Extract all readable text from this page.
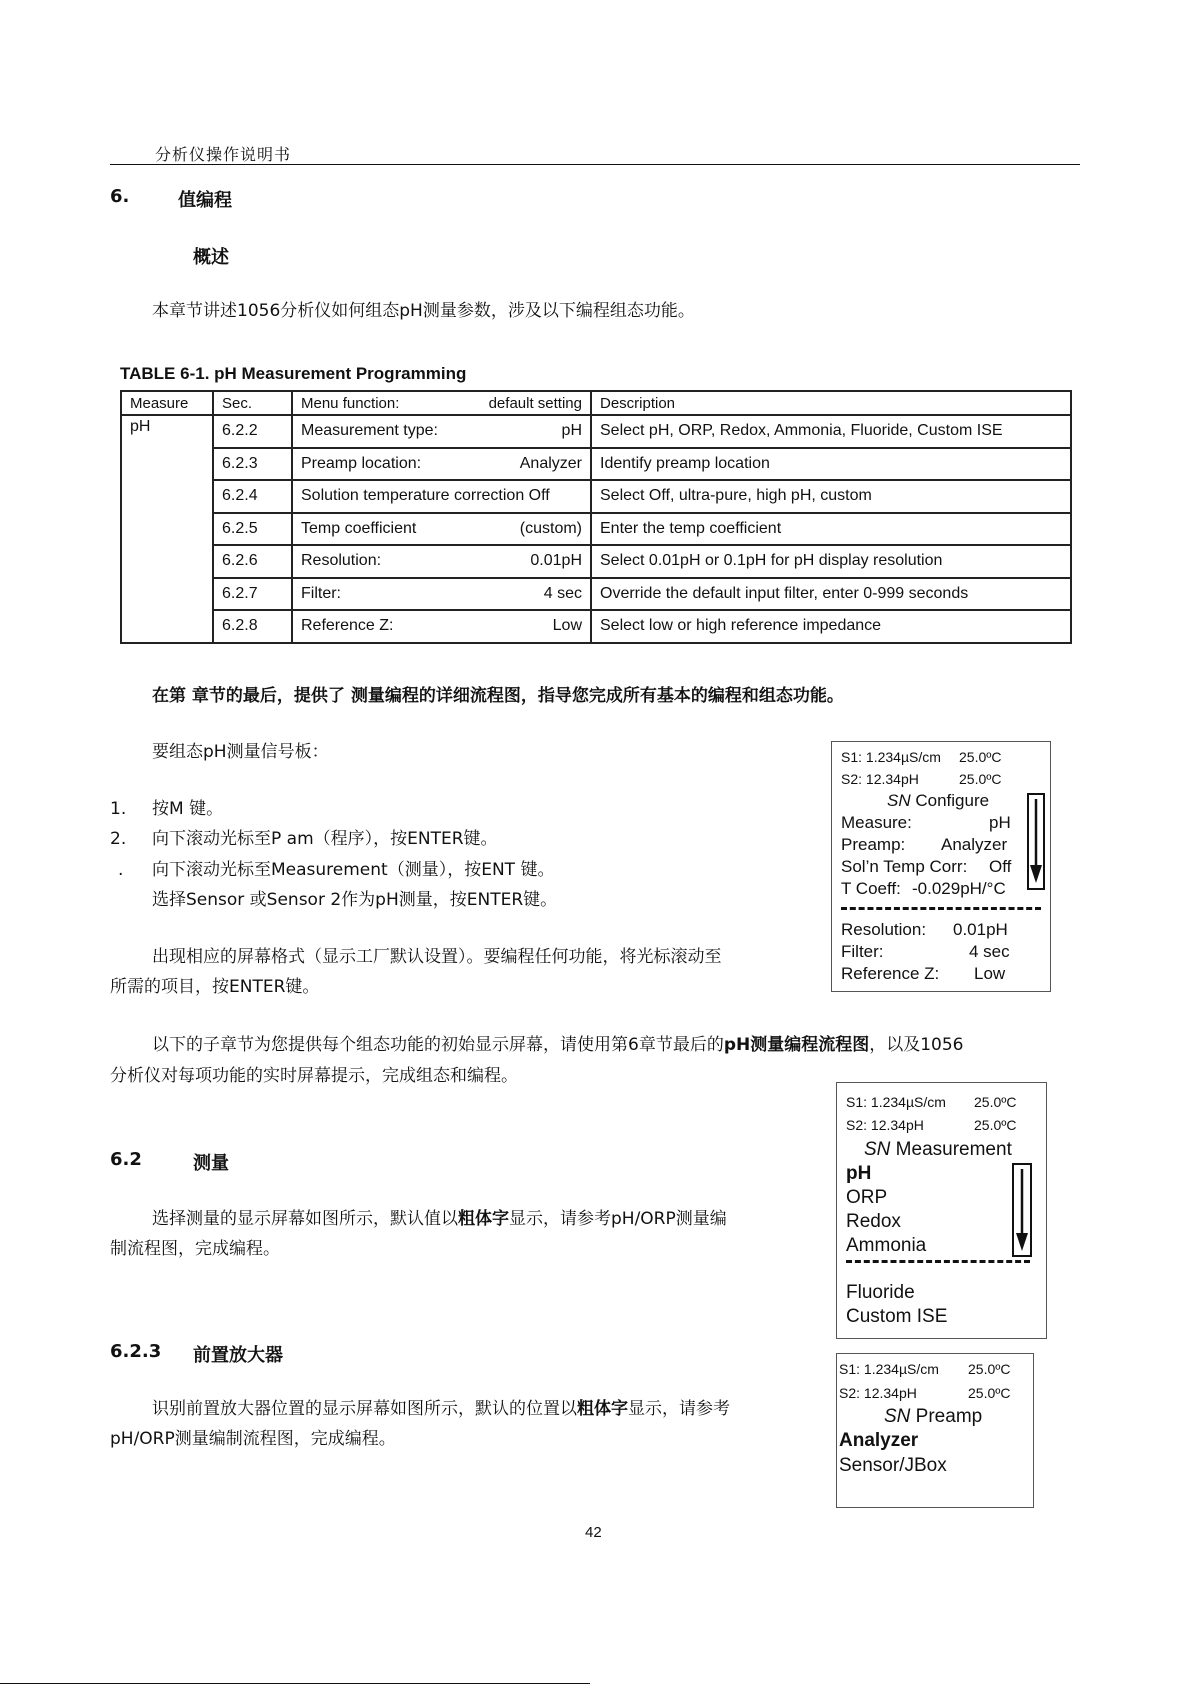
分析仪操作说明书
6.	值编程
概述
本章节讲述1056分析仪如何组态pH测量参数，涉及以下编程组态功能。
TABLE 6-1. pH Measurement Programming
Measure	Sec.	Menu function: default setting	Description
pH	6.2.2	Measurement type: pH	Select pH, ORP, Redox, Ammonia, Fluoride, Custom ISE
	6.2.3	Preamp location: Analyzer	Identify preamp location
	6.2.4	Solution temperature correction Off	Select Off, ultra-pure, high pH, custom
	6.2.5	Temp coefficient (custom)	Enter the temp coefficient
	6.2.6	Resolution: 0.01pH	Select 0.01pH or 0.1pH for pH display resolution
	6.2.7	Filter: 4 sec	Override the default input filter, enter 0-999 seconds
	6.2.8	Reference Z: Low	Select low or high reference impedance
在第 章节的最后，提供了 测量编程的详细流程图，指导您完成所有基本的编程和组态功能。
要组态pH测量信号板：
1. 按M 键。
2. 向下滚动光标至P am（程序），按ENTER键。
. 向下滚动光标至Measurement（测量），按ENT 键。
选择Sensor 或Sensor 2作为pH测量，按ENTER键。
出现相应的屏幕格式（显示工厂默认设置）。要编程任何功能，将光标滚动至
所需的项目，按ENTER键。
以下的子章节为您提供每个组态功能的初始显示屏幕，请使用第6章节最后的pH测量编程流程图，以及1056
分析仪对每项功能的实时屏幕提示，完成组态和编程。
6.2	测量
选择测量的显示屏幕如图所示，默认值以粗体字显示，请参考pH/ORP测量编
制流程图，完成编程。
6.2.3 前置放大器
识别前置放大器位置的显示屏幕如图所示，默认的位置以粗体字显示，请参考
pH/ORP测量编制流程图，完成编程。
S1: 1.234µS/cm 25.0ºC
S2: 12.34pH	25.0ºC
SN Configure
Measure:	pH
Preamp: Analyzer
Sol’n Temp Corr: Off
T Coeff: -0.029pH/°C
Resolution: 0.01pH
Filter:	4 sec
Reference Z: Low
S1: 1.234µS/cm 25.0ºC
S2: 12.34pH	25.0ºC
SN Measurement
pH
ORP
Redox
Ammonia
Fluoride
Custom ISE
S1: 1.234µS/cm 25.0ºC
S2: 12.34pH	25.0ºC
SN Preamp
Analyzer
Sensor/JBox
42
